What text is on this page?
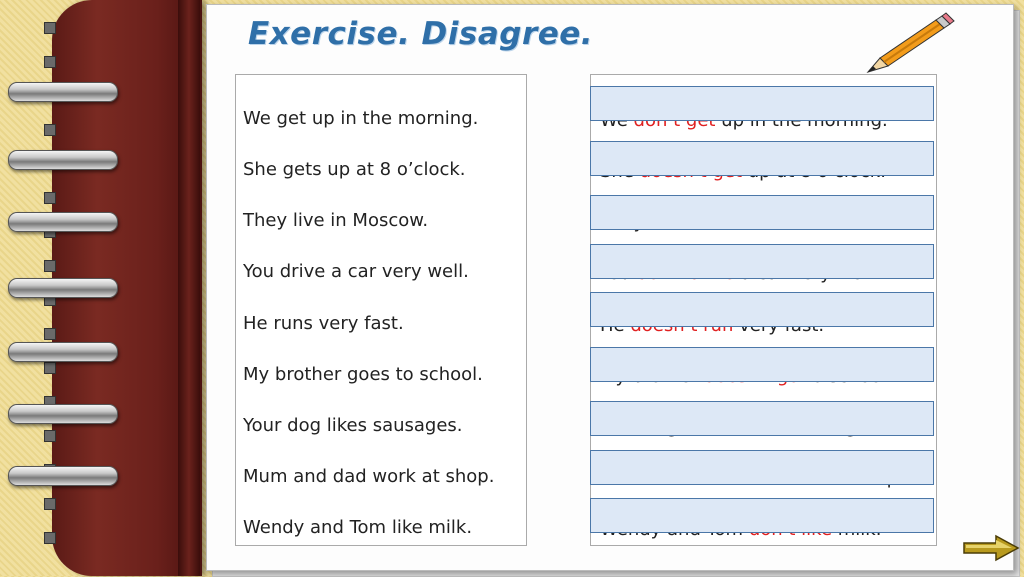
Exercise. Disagree.
We get up in the morning.
She gets up at 8 o’clock.
They live in Moscow.
You drive a car very well.
He runs very fast.
My brother goes to school.
Your dog likes sausages.
Mum and dad work at shop.
Wendy and Tom like milk.
